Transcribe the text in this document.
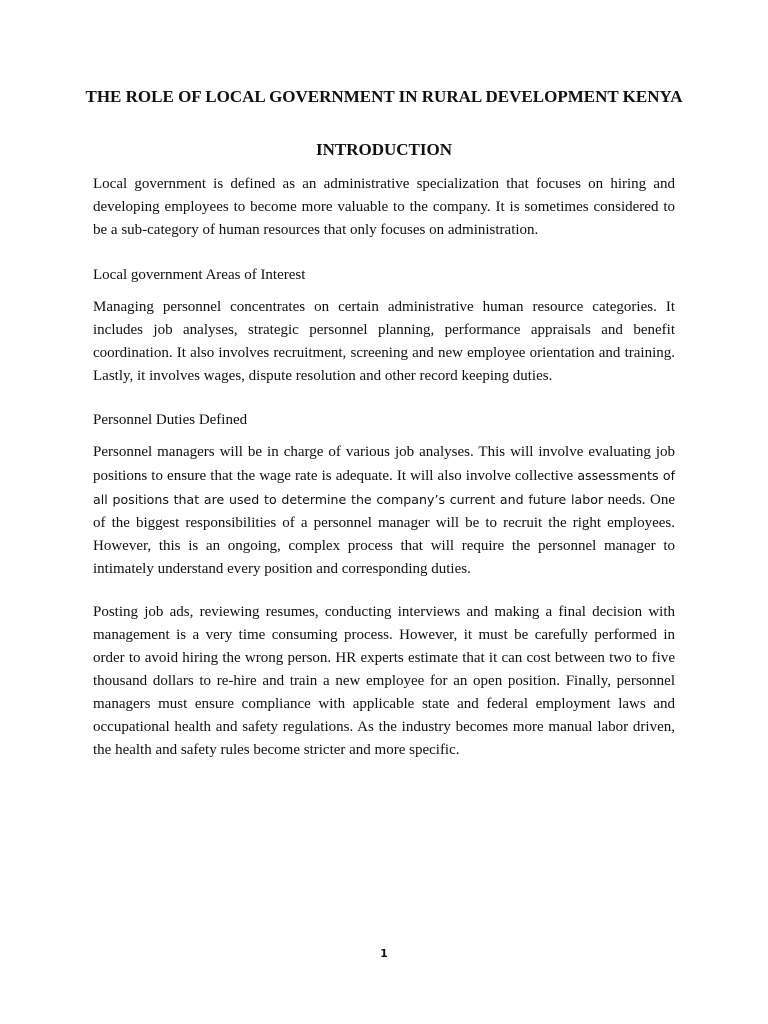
THE ROLE OF LOCAL GOVERNMENT IN RURAL DEVELOPMENT KENYA

INTRODUCTION

Local government is defined as an administrative specialization that focuses on hiring and developing employees to become more valuable to the company. It is sometimes considered to be a sub-category of human resources that only focuses on administration.

Local government Areas of Interest

Managing personnel concentrates on certain administrative human resource categories. It includes job analyses, strategic personnel planning, performance appraisals and benefit coordination. It also involves recruitment, screening and new employee orientation and training. Lastly, it involves wages, dispute resolution and other record keeping duties.

Personnel Duties Defined

Personnel managers will be in charge of various job analyses. This will involve evaluating job positions to ensure that the wage rate is adequate. It will also involve collective assessments of all positions that are used to determine the company’s current and future labor needs. One of the biggest responsibilities of a personnel manager will be to recruit the right employees. However, this is an ongoing, complex process that will require the personnel manager to intimately understand every position and corresponding duties.

Posting job ads, reviewing resumes, conducting interviews and making a final decision with management is a very time consuming process. However, it must be carefully performed in order to avoid hiring the wrong person. HR experts estimate that it can cost between two to five thousand dollars to re-hire and train a new employee for an open position. Finally, personnel managers must ensure compliance with applicable state and federal employment laws and occupational health and safety regulations. As the industry becomes more manual labor driven, the health and safety rules become stricter and more specific.

1
